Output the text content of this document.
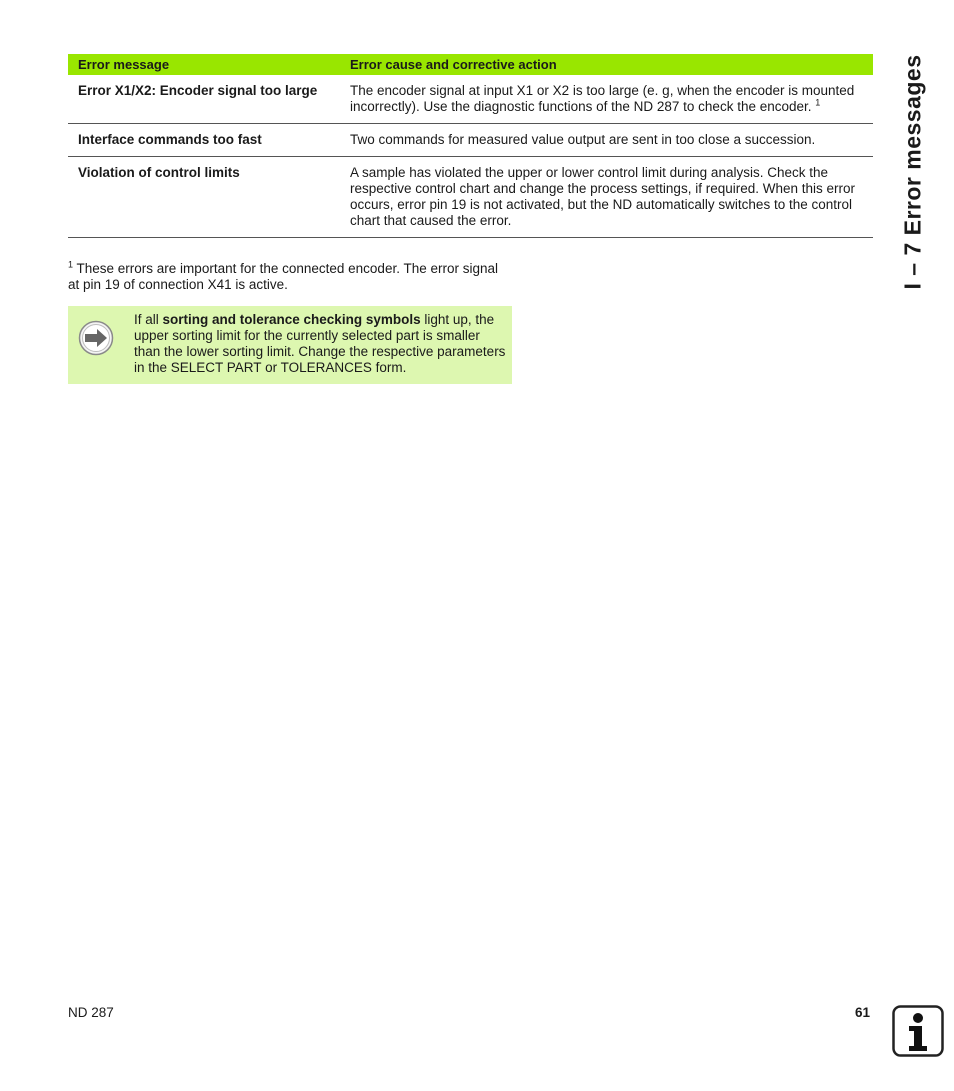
Error message	Error cause and corrective action
Error X1/X2: Encoder signal too large	The encoder signal at input X1 or X2 is too large (e. g, when the encoder is mounted incorrectly). Use the diagnostic functions of the ND 287 to check the encoder. $^1$
Interface commands too fast	Two commands for measured value output are sent in too close a succession.
Violation of control limits	A sample has violated the upper or lower control limit during analysis. Check the respective control chart and change the process settings, if required. When this error occurs, error pin 19 is not activated, but the ND automatically switches to the control chart that caused the error.
$^1$ These errors are important for the connected encoder. The error signal at pin 19 of connection X41 is active.
If all sorting and tolerance checking symbols light up, the upper sorting limit for the currently selected part is smaller than the lower sorting limit. Change the respective parameters in the SELECT PART or TOLERANCES form.
I – 7 Error messages
ND 287	61
